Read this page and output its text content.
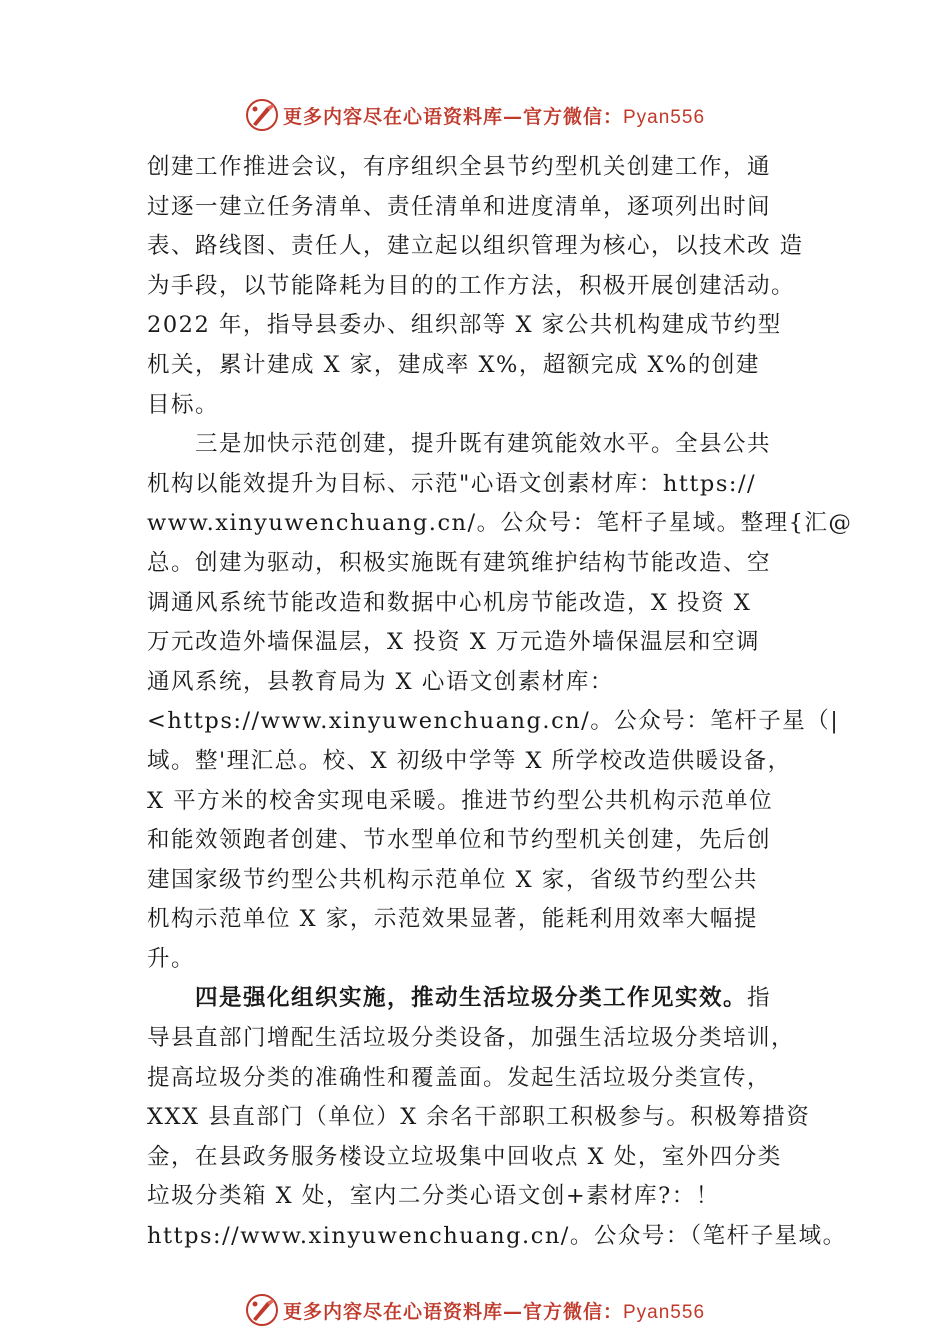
更多内容尽在心语资料库—官方微信：Pyan556
创建工作推进会议，有序组织全县节约型机关创建工作，通
过逐一建立任务清单、责任清单和进度清单，逐项列出时间
表、路线图、责任人，建立起以组织管理为核心，以技术改 造
为手段，以节能降耗为目的的工作方法，积极开展创建活动。
2022 年，指导县委办、组织部等 X 家公共机构建成节约型
机关，累计建成 X 家，建成率 X%，超额完成 X%的创建
目标。
三是加快示范创建，提升既有建筑能效水平。全县公共
机构以能效提升为目标、示范"心语文创素材库：https://
www.xinyuwenchuang.cn/。公众号：笔杆子星域。整理{汇@
总。创建为驱动，积极实施既有建筑维护结构节能改造、空
调通风系统节能改造和数据中心机房节能改造，X 投资 X
万元改造外墙保温层，X 投资 X 万元造外墙保温层和空调
通风系统，县教育局为 X 心语文创素材库：
<https://www.xinyuwenchuang.cn/。公众号：笔杆子星（|
域。整'理汇总。校、X 初级中学等 X 所学校改造供暖设备，
X 平方米的校舍实现电采暖。推进节约型公共机构示范单位
和能效领跑者创建、节水型单位和节约型机关创建，先后创
建国家级节约型公共机构示范单位 X 家，省级节约型公共
机构示范单位 X 家，示范效果显著，能耗利用效率大幅提
升。
四是强化组织实施，推动生活垃圾分类工作见实效。指
导县直部门增配生活垃圾分类设备，加强生活垃圾分类培训，
提高垃圾分类的准确性和覆盖面。发起生活垃圾分类宣传，
XXX 县直部门（单位）X 余名干部职工积极参与。积极筹措资
金，在县政务服务楼设立垃圾集中回收点 X 处，室外四分类
垃圾分类箱 X 处，室内二分类心语文创+素材库?：！
https://www.xinyuwenchuang.cn/。公众号：（笔杆子星域。
更多内容尽在心语资料库—官方微信：Pyan556
